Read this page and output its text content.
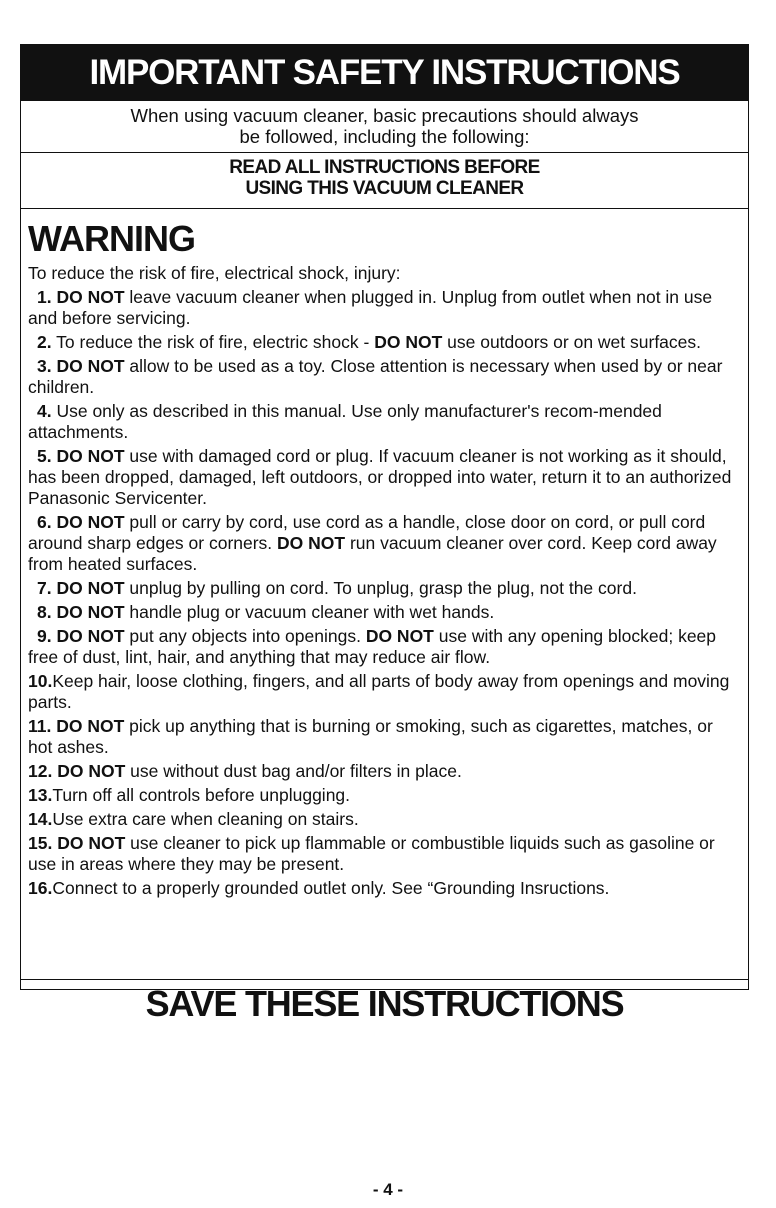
IMPORTANT SAFETY INSTRUCTIONS
When using vacuum cleaner, basic precautions should always
be followed, including the following:
READ ALL INSTRUCTIONS BEFORE
USING THIS VACUUM CLEANER
WARNING
To reduce the risk of fire, electrical shock, injury:
1. DO NOT leave vacuum cleaner when plugged in. Unplug from outlet when not in use and before servicing.
2. To reduce the risk of fire, electric shock - DO NOT use outdoors or on wet surfaces.
3. DO NOT allow to be used as a toy. Close attention is necessary when used by or near children.
4. Use only as described in this manual. Use only manufacturer's recom-mended attachments.
5. DO NOT use with damaged cord or plug. If vacuum cleaner is not working as it should, has been dropped, damaged, left outdoors, or dropped into water, return it to an authorized Panasonic Servicenter.
6. DO NOT pull or carry by cord, use cord as a handle, close door on cord, or pull cord around sharp edges or corners. DO NOT run vacuum cleaner over cord. Keep cord away from heated surfaces.
7. DO NOT unplug by pulling on cord. To unplug, grasp the plug, not the cord.
8. DO NOT handle plug or vacuum cleaner with wet hands.
9. DO NOT put any objects into openings. DO NOT use with any opening blocked; keep free of dust, lint, hair, and anything that may reduce air flow.
10.Keep hair, loose clothing, fingers, and all parts of body away from openings and moving parts.
11. DO NOT pick up anything that is burning or smoking, such as cigarettes, matches, or hot ashes.
12. DO NOT use without dust bag and/or filters in place.
13.Turn off all controls before unplugging.
14.Use extra care when cleaning on stairs.
15. DO NOT use cleaner to pick up flammable or combustible liquids such as gasoline or use in areas where they may be present.
16.Connect to a properly grounded outlet only. See “Grounding Insructions.
SAVE THESE INSTRUCTIONS
- 4 -
